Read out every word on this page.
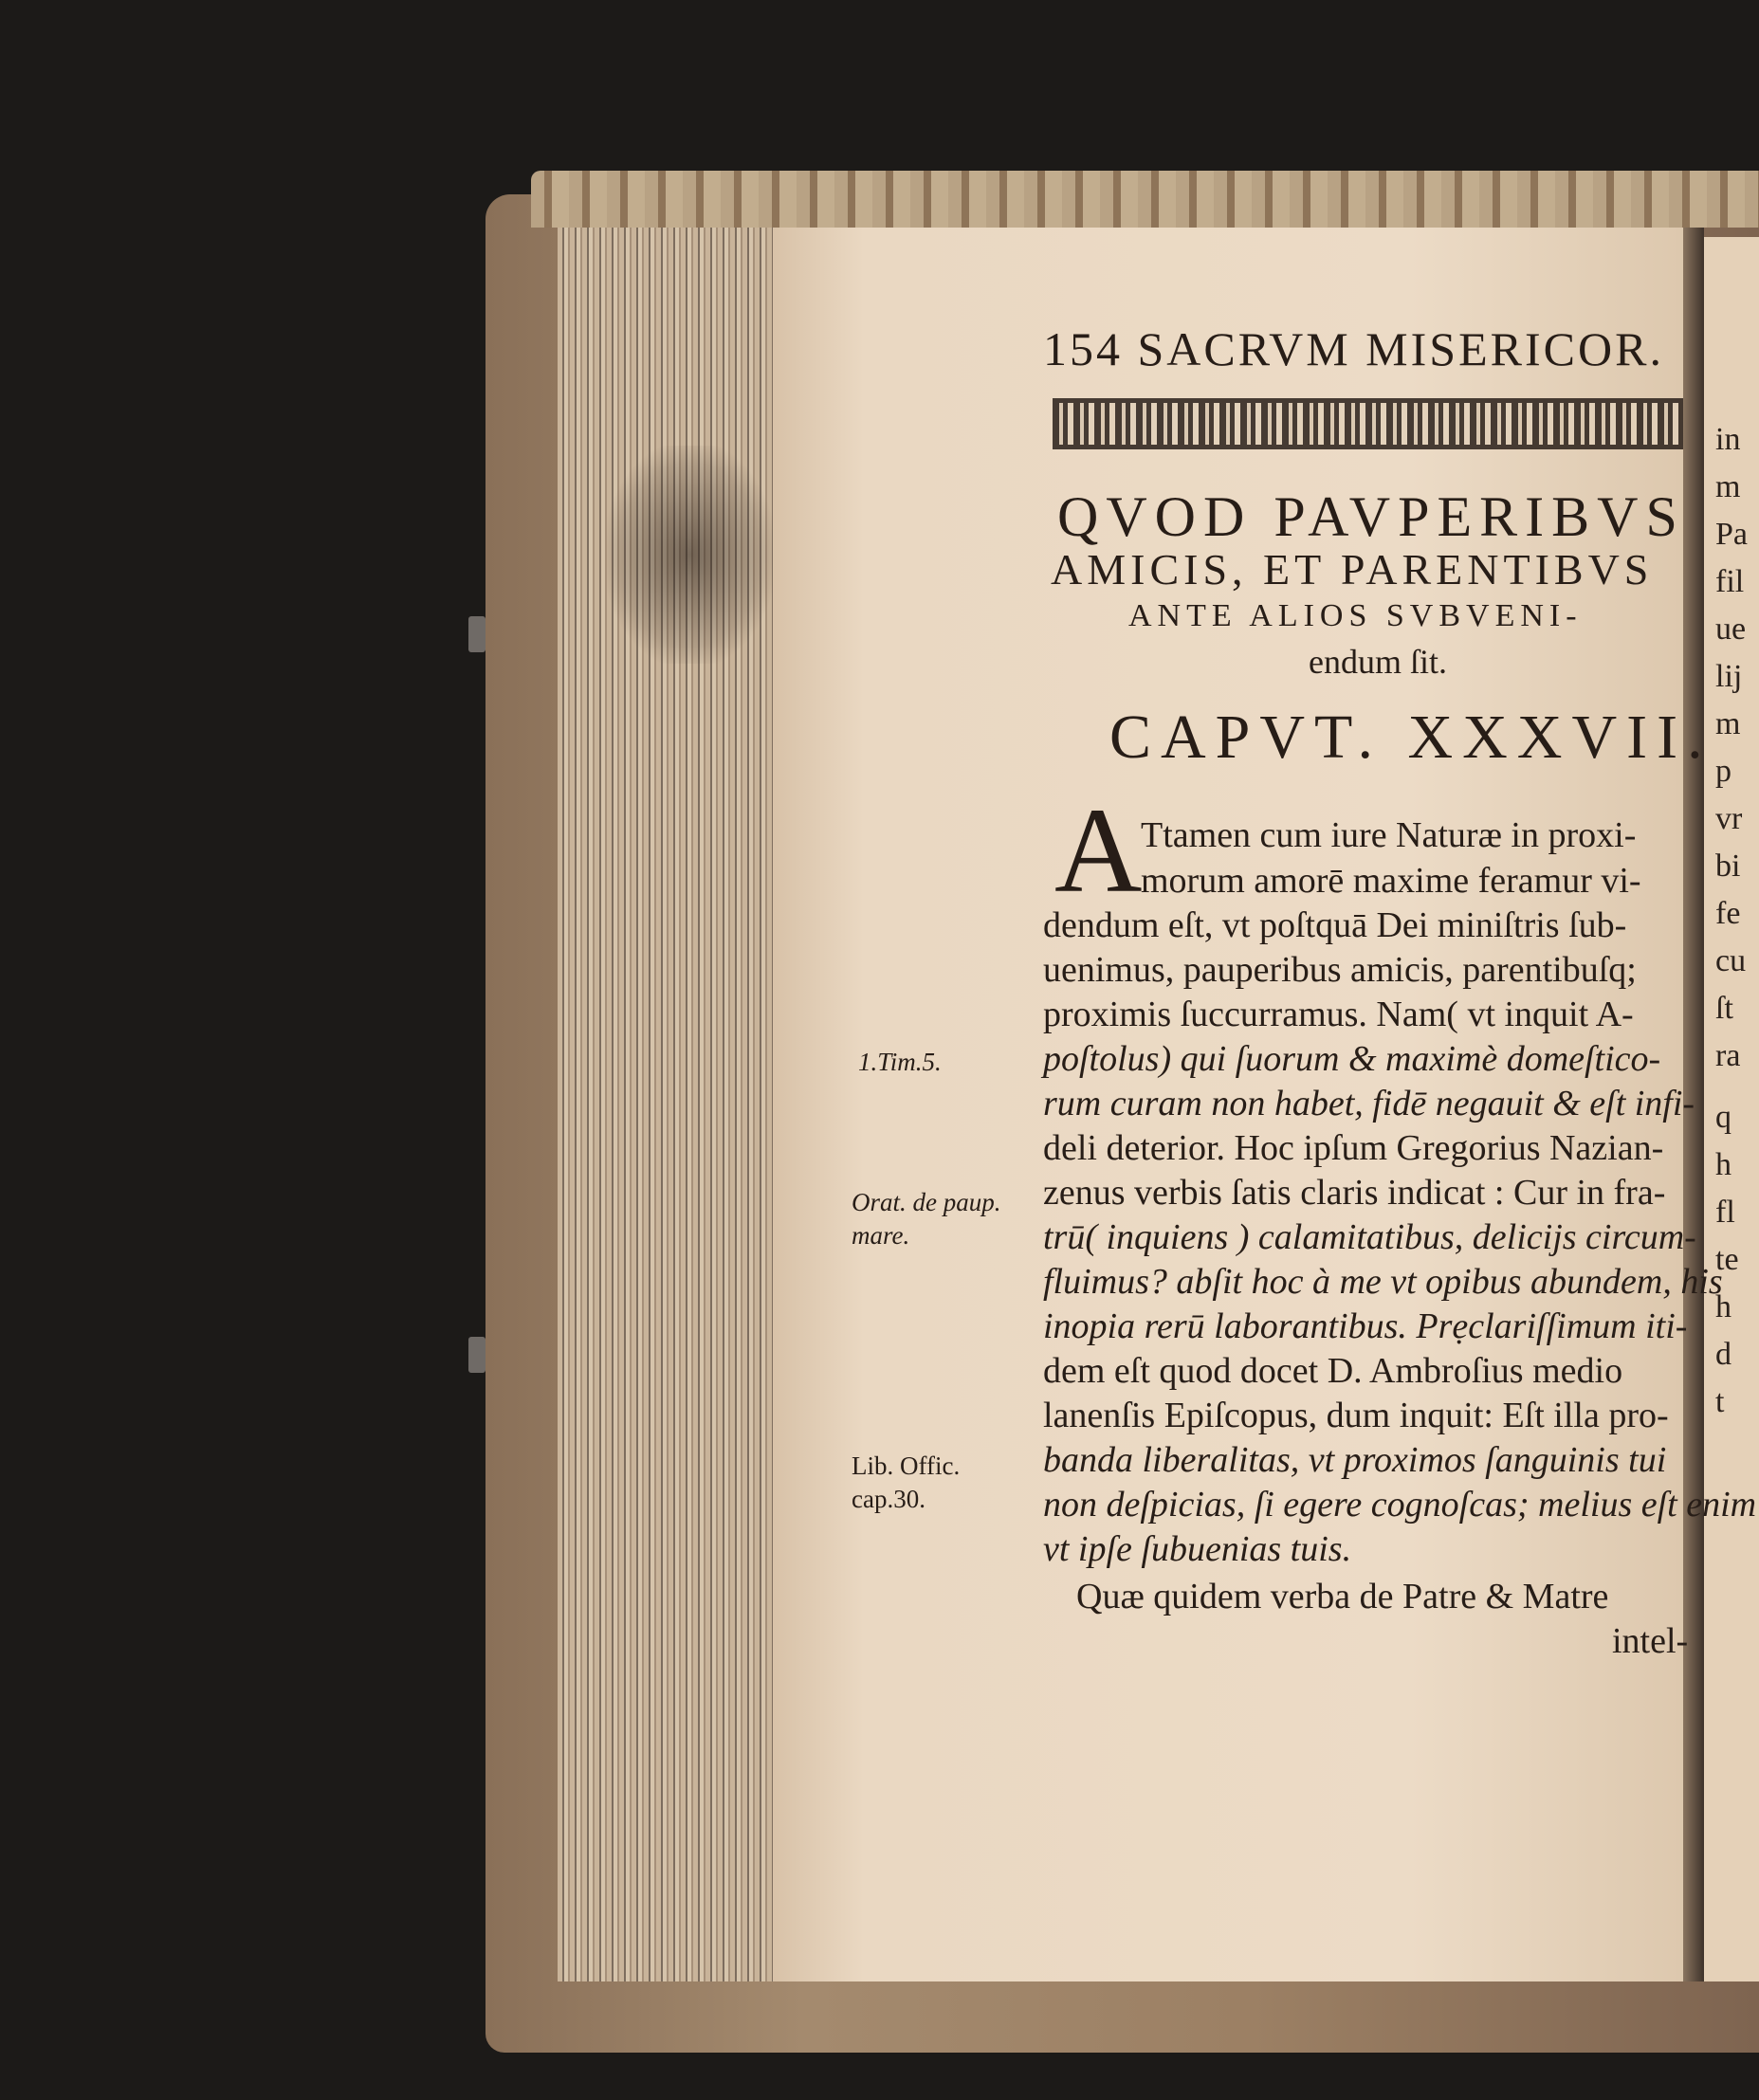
in
m
Pa
fil
ue
lij
m
p
vr
bi
fe
cu
ſt
ra
q
h
fl
te
h
d
t
154 SACRVM MISERICOR.
QVOD PAVPERIBVS
AMICIS, ET PARENTIBVS
ANTE ALIOS SVBVENI-
endum ſit.
CAPVT. XXXVII.
A
Ttamen cum iure Naturæ in proxi-
morum amorē maxime feramur vi-
dendum eſt, vt poſtquā Dei miniſtris ſub-
uenimus, pauperibus amicis, parentibuſq;
proximis ſuccurramus. Nam( vt inquit A-
poſtolus) qui ſuorum & maximè domeſtico-
rum curam non habet, fidē negauit & eſt infi-
deli deterior. Hoc ipſum Gregorius Nazian-
zenus verbis ſatis claris indicat : Cur in fra-
trū( inquiens ) calamitatibus, delicijs circum-
fluimus? abſit hoc à me vt opibus abundem, his
inopia rerū laborantibus. Prẹclariſſimum iti-
dem eſt quod docet D. Ambroſius medio
lanenſis Epiſcopus, dum inquit: Eſt illa pro-
banda liberalitas, vt proximos ſanguinis tui
non deſpicias, ſi egere cognoſcas; melius eſt enim
vt ipſe ſubuenias tuis.
Quæ quidem verba de Patre & Matre
intel-
1.Tim.5.
Orat. de paup.
mare.
Lib. Offic.
cap.30.
